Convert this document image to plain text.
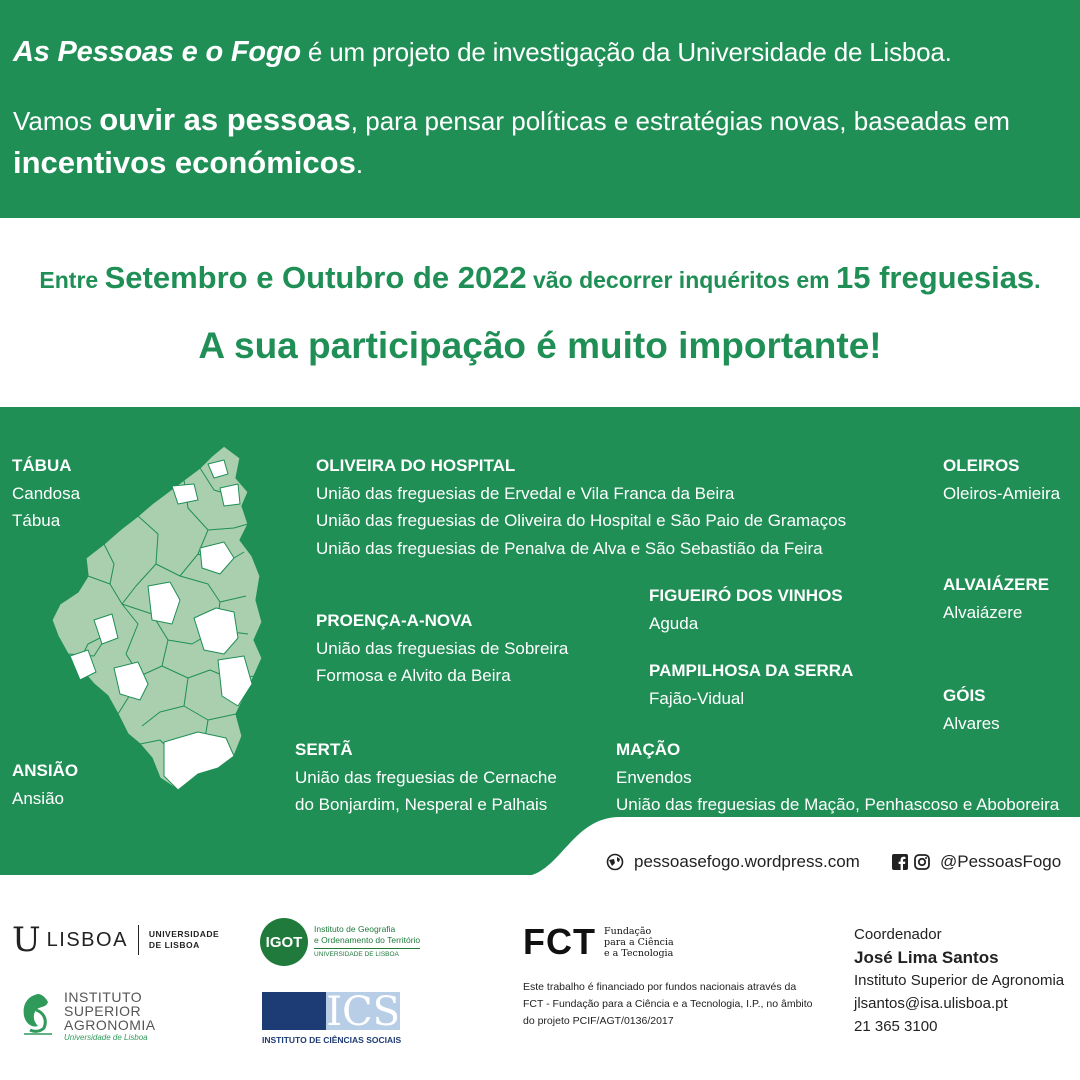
As Pessoas e o Fogo é um projeto de investigação da Universidade de Lisboa.
Vamos ouvir as pessoas, para pensar políticas e estratégias novas, baseadas em incentivos económicos.
Entre Setembro e Outubro de 2022 vão decorrer inquéritos em 15 freguesias.
A sua participação é muito importante!
TÁBUA
Candosa
Tábua
ANSIÃO
Ansião
OLIVEIRA DO HOSPITAL
União das freguesias de Ervedal e Vila Franca da Beira
União das freguesias de Oliveira do Hospital e São Paio de Gramaços
União das freguesias de Penalva de Alva e São Sebastião da Feira
PROENÇA-A-NOVA
União das freguesias de Sobreira
Formosa e Alvito da Beira
FIGUEIRÓ DOS VINHOS
Aguda
PAMPILHOSA DA SERRA
Fajão-Vidual
SERTÃ
União das freguesias de Cernache
do Bonjardim, Nesperal e Palhais
MAÇÃO
Envendos
União das freguesias de Mação, Penhascoso e Aboboreira
OLEIROS
Oleiros-Amieira
ALVAIÁZERE
Alvaiázere
GÓIS
Alvares
pessoasefogo.wordpress.com	@PessoasFogo
U LISBOA UNIVERSIDADE
DE LISBOA
INSTITUTO
SUPERIOR
AGRONOMIA
Universidade de Lisboa
IGOT
Instituto de Geografia
e Ordenamento do Território
UNIVERSIDADE DE LISBOA
ICS
INSTITUTO DE CIÊNCIAS SOCIAIS
FCT Fundação
para a Ciência
e a Tecnologia
Este trabalho é financiado por fundos nacionais através da FCT - Fundação para a Ciência e a Tecnologia, I.P., no âmbito do projeto PCIF/AGT/0136/2017
Coordenador
José Lima Santos
Instituto Superior de Agronomia
jlsantos@isa.ulisboa.pt
21 365 3100
